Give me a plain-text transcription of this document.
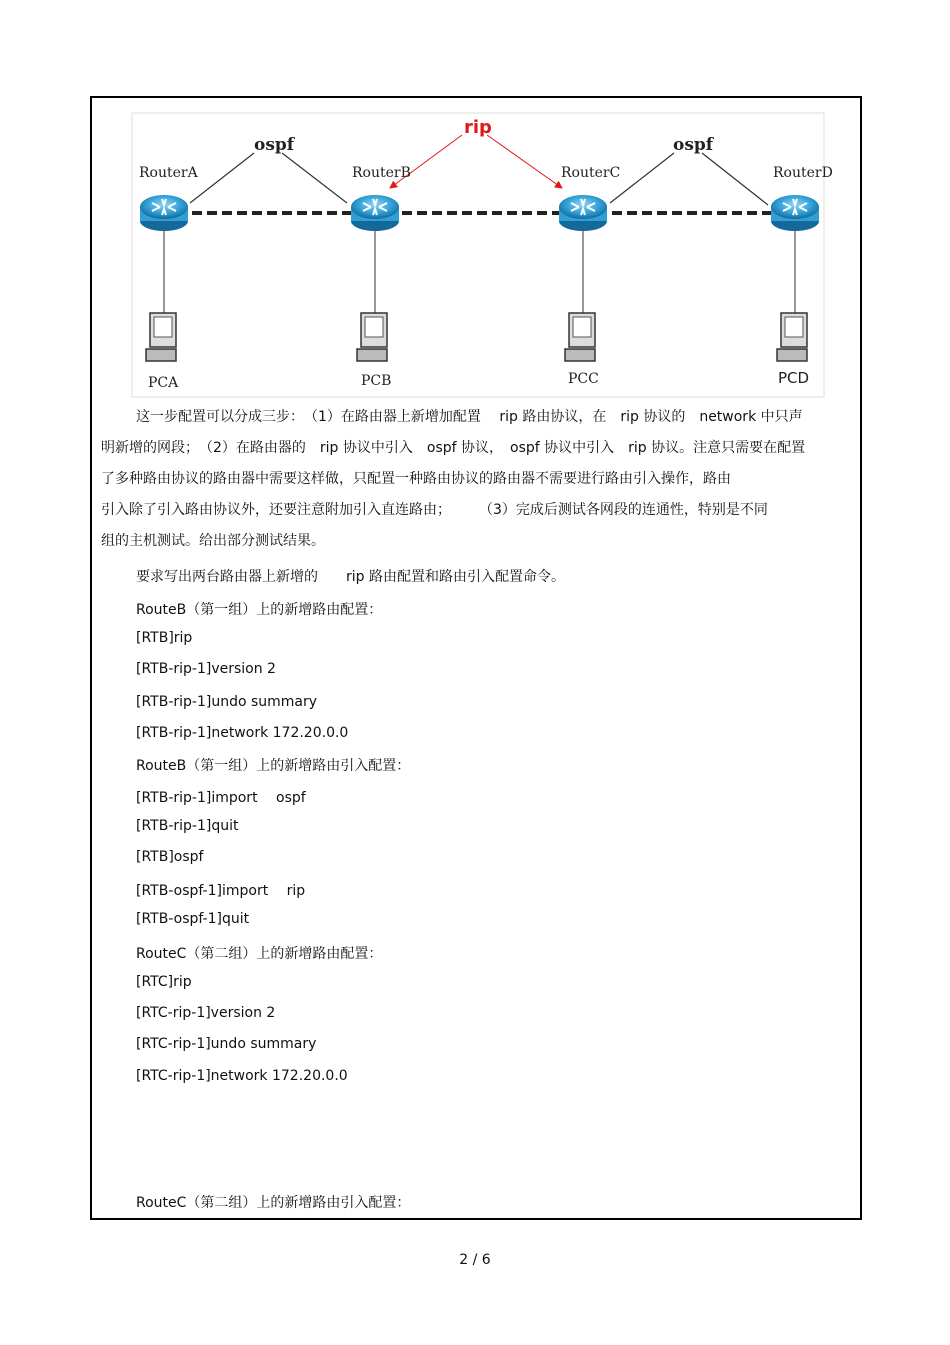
ospf
rip
ospf
RouterA	RouterB	RouterC	RouterD
PCA	PCB	PCC	PCD

这一步配置可以分成三步：　（1）在路由器上新增加配置　 rip 路由协议，在　rip 协议的　network 中只声

明新增的网段；　（2）在路由器的　rip 协议中引入　ospf 协议，　ospf 协议中引入　rip 协议。注意只需要在配置

了多种路由协议的路由器中需要这样做，只配置一种路由协议的路由器不需要进行路由引入操作，路由

引入除了引入路由协议外，还要注意附加引入直连路由；　　　（3）完成后测试各网段的连通性，特别是不同

组的主机测试。给出部分测试结果。

要求写出两台路由器上新增的　　rip 路由配置和路由引入配置命令。
RouteB（第一组）上的新增路由配置：
[RTB]rip
[RTB-rip-1]version 2
[RTB-rip-1]undo summary
[RTB-rip-1]network 172.20.0.0
RouteB（第一组）上的新增路由引入配置：
[RTB-rip-1]import　 ospf
[RTB-rip-1]quit
[RTB]ospf
[RTB-ospf-1]import　 rip
[RTB-ospf-1]quit
RouteC（第二组）上的新增路由配置：
[RTC]rip
[RTC-rip-1]version 2
[RTC-rip-1]undo summary
[RTC-rip-1]network 172.20.0.0
RouteC（第二组）上的新增路由引入配置：
2 / 6
